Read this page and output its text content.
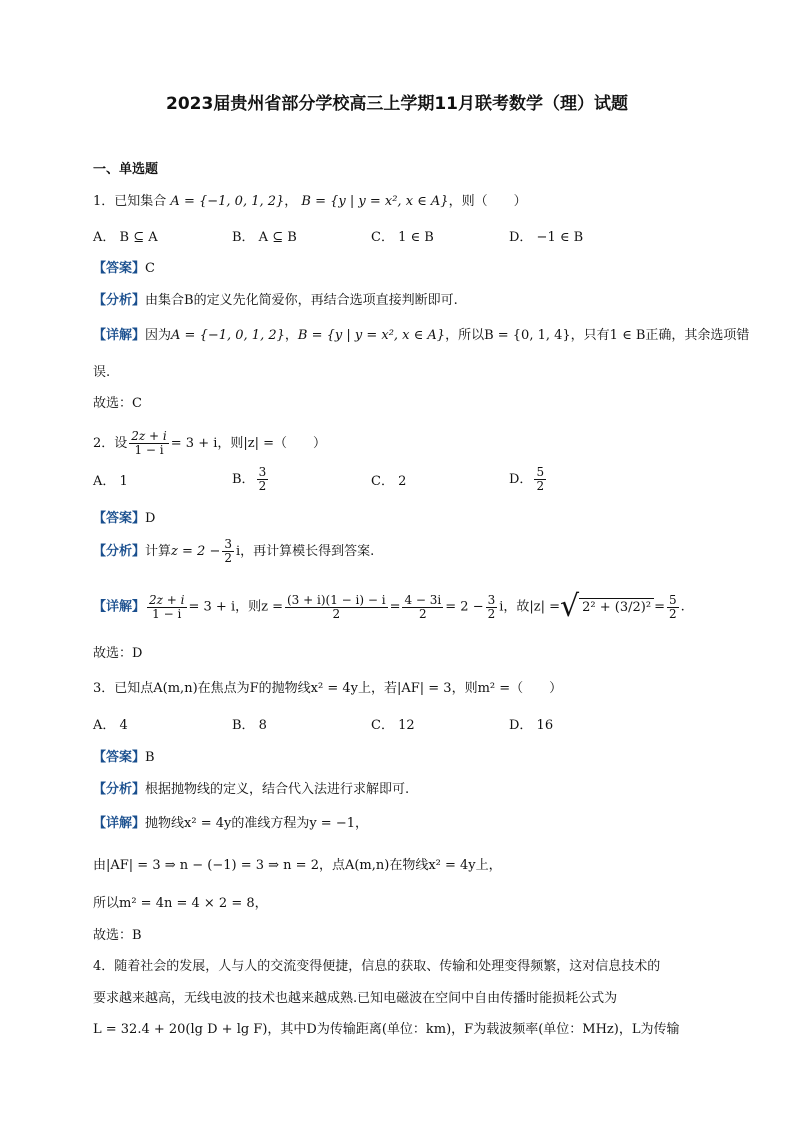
2023届贵州省部分学校高三上学期11月联考数学（理）试题
一、单选题
1．已知集合 A = {−1, 0, 1, 2}， B = {y | y = x², x ∈ A}，则（　　）
A． B ⊆ A	B． A ⊆ B	C． 1 ∈ B	D． −1 ∈ B
【答案】C
【分析】由集合B的定义先化简爱你，再结合选项直接判断即可.
【详解】因为A = {−1, 0, 1, 2}，B = {y | y = x², x ∈ A}，所以B = {0, 1, 4}，只有1 ∈ B正确，其余选项错
误.
故选：C
2．设 $\frac{2z + i}{1 - i} = 3 + i$，则|z| =（　　）
A． 1	B． $\frac{3}{2}$	C． 2	D． $\frac{5}{2}$
【答案】D
【分析】计算$z = 2 - \frac{3}{2}$ i，再计算模长得到答案.
【详解】 $\frac{2z + i}{1 - i} = 3 + i$，则$z = \frac{(3 + i)(1 - i) - i}{2} = \frac{4 - 3i}{2} = 2 - \frac{3}{2}$ i，故|z| =√ $2^2 + (3/2)^2 = \frac{5}{2}$ .
故选：D
3．已知点A(m,n)在焦点为F的抛物线x² = 4y上，若|AF| = 3，则m² =（　　）
A． 4	B． 8	C． 12	D． 16
【答案】B
【分析】根据抛物线的定义，结合代入法进行求解即可.
【详解】抛物线x² = 4y的准线方程为y = −1，
由|AF| = 3 ⇒ n − (−1) = 3 ⇒ n = 2，点A(m,n)在物线x² = 4y上，
所以m² = 4n = 4 × 2 = 8，
故选：B
4．随着社会的发展，人与人的交流变得便捷，信息的获取、传输和处理变得频繁，这对信息技术的
要求越来越高，无线电波的技术也越来越成熟.已知电磁波在空间中自由传播时能损耗公式为
L = 32.4 + 20(lg D + lg F)，其中D为传输距离(单位：km)，F为载波频率(单位：MHz)，L为传输
